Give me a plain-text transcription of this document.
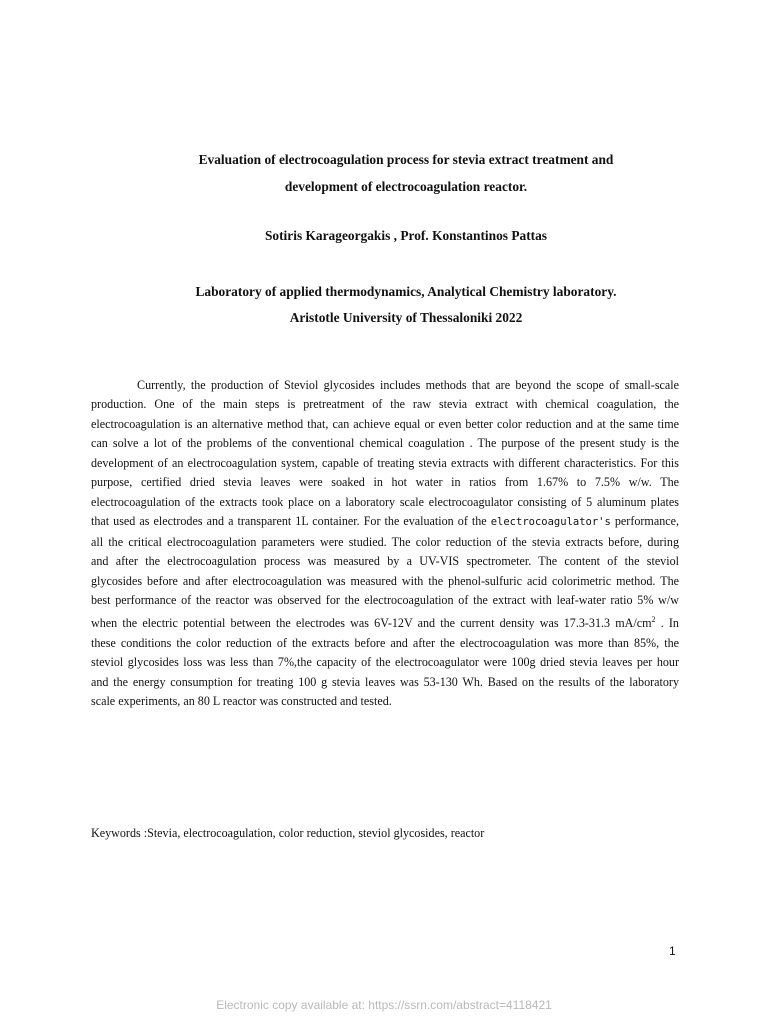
Evaluation of electrocoagulation process for stevia extract treatment and
development of electrocoagulation reactor.
Sotiris Karageorgakis , Prof. Konstantinos Pattas
Laboratory of applied thermodynamics, Analytical Chemistry laboratory.
Aristotle University of Thessaloniki 2022
Currently, the production of Steviol glycosides includes methods that are beyond the scope of small-scale
production. One of the main steps is pretreatment of the raw stevia extract with chemical coagulation, the
electrocoagulation is an alternative method that, can achieve equal or even better color reduction and at the same time
can solve a lot of the problems of the conventional chemical coagulation . The purpose of the present study is the
development of an electrocoagulation system, capable of treating stevia extracts with different characteristics. For this
purpose, certified dried stevia leaves were soaked in hot water in ratios from 1.67% to 7.5% w/w. The
electrocoagulation of the extracts took place on a laboratory scale electrocoagulator consisting of 5 aluminum plates
that used as electrodes and a transparent 1L container. For the evaluation of the electrocoagulator's performance,
all the critical electrocoagulation parameters were studied. The color reduction of the stevia extracts before, during
and after the electrocoagulation process was measured by a UV-VIS spectrometer. The content of the steviol
glycosides before and after electrocoagulation was measured with the phenol-sulfuric acid colorimetric method. The
best performance of the reactor was observed for the electrocoagulation of the extract with leaf-water ratio 5% w/w
when the electric potential between the electrodes was 6V-12V and the current density was 17.3-31.3 $mA/cm^2$ . In
these conditions the color reduction of the extracts before and after the electrocoagulation was more than 85%, the
steviol glycosides loss was less than 7%,the capacity of the electrocoagulator were 100g dried stevia leaves per hour
and the energy consumption for treating 100 g stevia leaves was 53-130 Wh. Based on the results of the laboratory
scale experiments, an 80 L reactor was constructed and tested.
Keywords :Stevia, electrocoagulation, color reduction, steviol glycosides, reactor
1
Electronic copy available at: https://ssrn.com/abstract=4118421
